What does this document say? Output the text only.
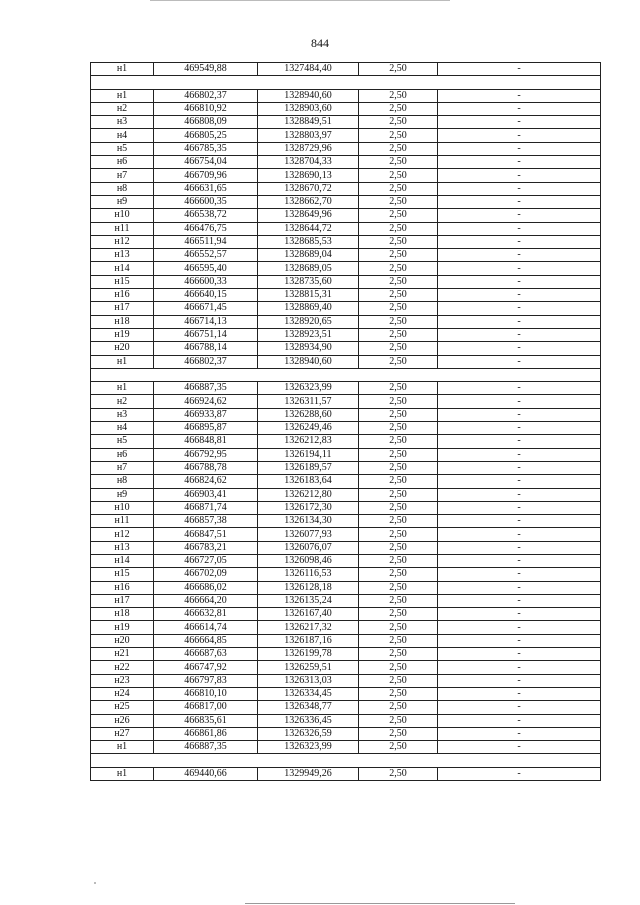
844
н1	469549,88	1327484,40	2,50	-

н1	466802,37	1328940,60	2,50	-
н2	466810,92	1328903,60	2,50	-
н3	466808,09	1328849,51	2,50	-
н4	466805,25	1328803,97	2,50	-
н5	466785,35	1328729,96	2,50	-
н6	466754,04	1328704,33	2,50	-
н7	466709,96	1328690,13	2,50	-
н8	466631,65	1328670,72	2,50	-
н9	466600,35	1328662,70	2,50	-
н10	466538,72	1328649,96	2,50	-
н11	466476,75	1328644,72	2,50	-
н12	466511,94	1328685,53	2,50	-
н13	466552,57	1328689,04	2,50	-
н14	466595,40	1328689,05	2,50	-
н15	466600,33	1328735,60	2,50	-
н16	466640,15	1328815,31	2,50	-
н17	466671,45	1328869,40	2,50	-
н18	466714,13	1328920,65	2,50	-
н19	466751,14	1328923,51	2,50	-
н20	466788,14	1328934,90	2,50	-
н1	466802,37	1328940,60	2,50	-

н1	466887,35	1326323,99	2,50	-
н2	466924,62	1326311,57	2,50	-
н3	466933,87	1326288,60	2,50	-
н4	466895,87	1326249,46	2,50	-
н5	466848,81	1326212,83	2,50	-
н6	466792,95	1326194,11	2,50	-
н7	466788,78	1326189,57	2,50	-
н8	466824,62	1326183,64	2,50	-
н9	466903,41	1326212,80	2,50	-
н10	466871,74	1326172,30	2,50	-
н11	466857,38	1326134,30	2,50	-
н12	466847,51	1326077,93	2,50	-
н13	466783,21	1326076,07	2,50	-
н14	466727,05	1326098,46	2,50	-
н15	466702,09	1326116,53	2,50	-
н16	466686,02	1326128,18	2,50	-
н17	466664,20	1326135,24	2,50	-
н18	466632,81	1326167,40	2,50	-
н19	466614,74	1326217,32	2,50	-
н20	466664,85	1326187,16	2,50	-
н21	466687,63	1326199,78	2,50	-
н22	466747,92	1326259,51	2,50	-
н23	466797,83	1326313,03	2,50	-
н24	466810,10	1326334,45	2,50	-
н25	466817,00	1326348,77	2,50	-
н26	466835,61	1326336,45	2,50	-
н27	466861,86	1326326,59	2,50	-
н1	466887,35	1326323,99	2,50	-

н1	469440,66	1329949,26	2,50	-
